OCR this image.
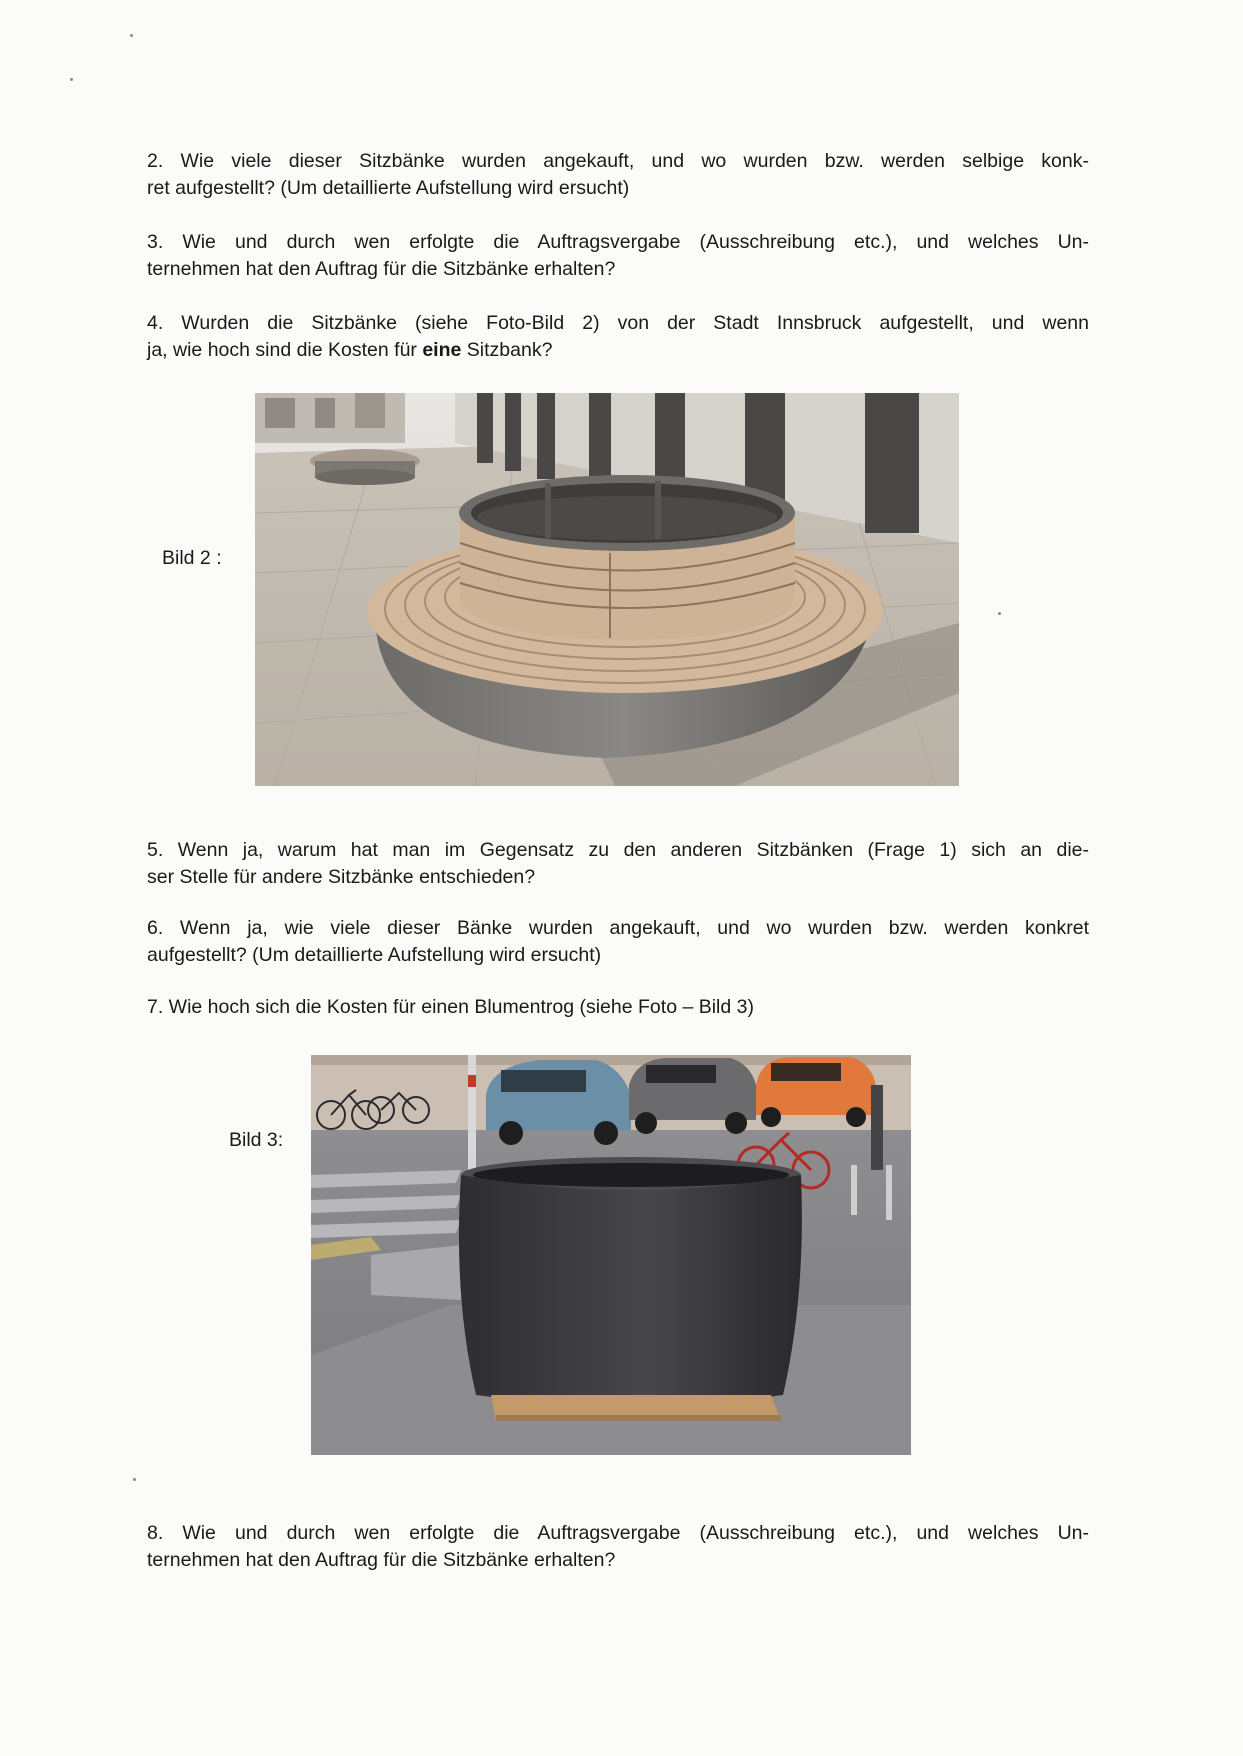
2. Wie viele dieser Sitzbänke wurden angekauft, und wo wurden bzw. werden selbige konk-
ret aufgestellt? (Um detaillierte Aufstellung wird ersucht)

3. Wie und durch wen erfolgte die Auftragsvergabe (Ausschreibung etc.), und welches Un-
ternehmen hat den Auftrag für die Sitzbänke erhalten?

4. Wurden die Sitzbänke (siehe Foto-Bild 2) von der Stadt Innsbruck aufgestellt, und wenn
ja, wie hoch sind die Kosten für eine Sitzbank?

Bild 2 :

5. Wenn ja, warum hat man im Gegensatz zu den anderen Sitzbänken (Frage 1) sich an die-
ser Stelle für andere Sitzbänke entschieden?

6. Wenn ja, wie viele dieser Bänke wurden angekauft, und wo wurden bzw. werden konkret
aufgestellt? (Um detaillierte Aufstellung wird ersucht)

7. Wie hoch sich die Kosten für einen Blumentrog (siehe Foto – Bild 3)

Bild 3:

8. Wie und durch wen erfolgte die Auftragsvergabe (Ausschreibung etc.), und welches Un-
ternehmen hat den Auftrag für die Sitzbänke erhalten?
